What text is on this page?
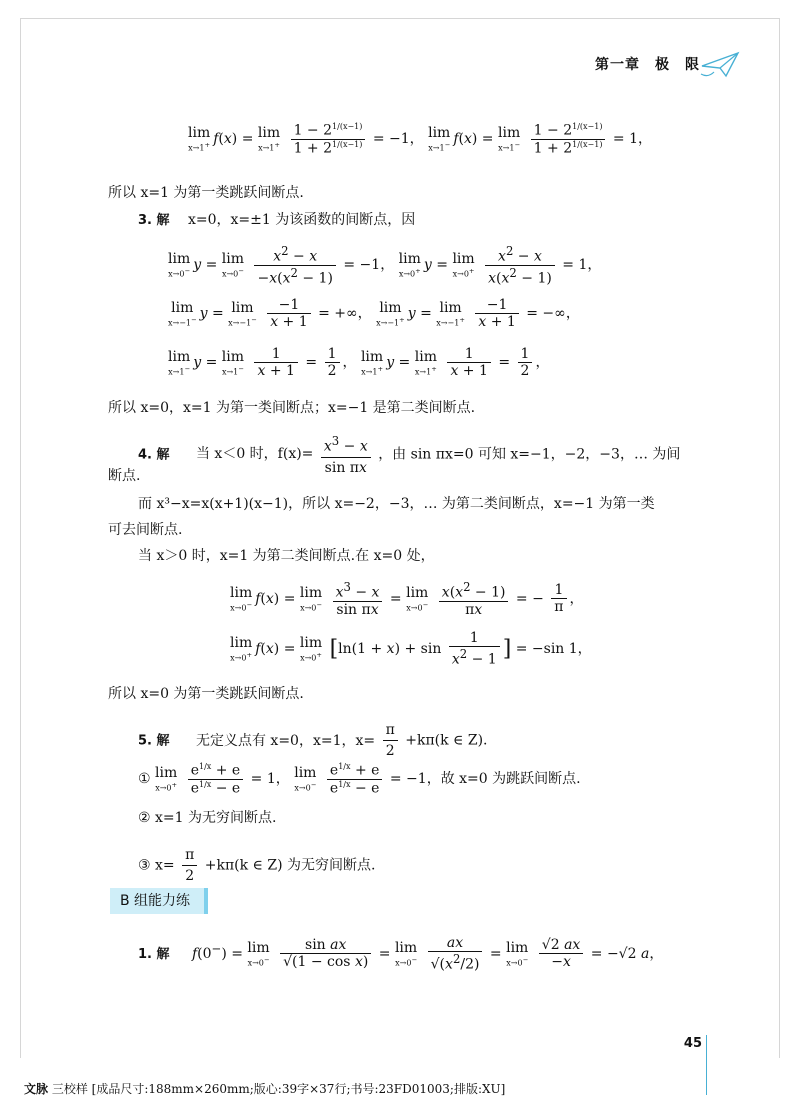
第一章　极　限
lim
x→1+ f(x) = lim
x→1+
$\frac{1 - 2^{1/(x-1)}}{1 + 2^{1/(x-1)}} = -1$， lim
x→1− f(x) = lim
x→1−
$\frac{1 - 2^{1/(x-1)}}{1 + 2^{1/(x-1)}} = 1$，
所以 x=1 为第一类跳跃间断点.
3. 解 x=0，x=±1 为该函数的间断点，因
lim
x→0− y = lim
x→0−
$\frac{x^2 - x}{-x(x^2 - 1)} = -1$， lim
x→0+ y = lim
x→0+
$\frac{x^2 - x}{x(x^2 - 1)} = 1$，
lim
x→−1− y = lim
x→−1−
$\frac{-1}{x + 1}$ = +∞， lim
x→−1+ y = lim
x→−1+
$\frac{-1}{x + 1}$ = −∞，
lim
x→1− y = lim
x→1−
$\frac{1}{x + 1} = \frac{1}{2}$ ， lim
x→1+ y = lim
x→1+
$\frac{1}{x + 1} = \frac{1}{2}$ ，
所以 x=0，x=1 为第一类间断点；x=−1 是第二类间断点.
4. 解 当 x＜0 时，$f(x)= \frac{x^3 - x}{\text{sin πx}}$ ，由 sin πx=0 可知 x=−1，−2，−3，… 为间
断点.
而 x³−x=x(x+1)(x−1)，所以 x=−2，−3，… 为第二类间断点，x=−1 为第一类
可去间断点.
当 x＞0 时，x=1 为第二类间断点.在 x=0 处，
lim
x→0− f(x) = lim
x→0−
$\frac{x^3 - x}{\text{sin πx}} = \lim$
x→0−
$\frac{x(x^2 - 1)}{\pi x}$ = − $\frac{1}{\pi}$ ，
lim
x→0+ f(x) = lim
x→0+ [$\ln(1 + x) + \sin \frac{1}{x^2 - 1}$ ] = −sin 1，
所以 x=0 为第一类跳跃间断点.
5. 解 无定义点有 x=0，x=1，$x= \frac{\pi}{2} +k\pi(k$ ∈ Z).
① lim
x→0+
$\frac{e^{1/x} + e}{e^{1/x} - e} = 1$， lim
x→0−
$\frac{e^{1/x} + e}{e^{1/x} - e} = -1$，故 x=0 为跳跃间断点.
② x=1 为无穷间断点.
③ $x= \frac{\pi}{2} +k\pi(k$ ∈ Z) 为无穷间断点.
B 组能力练
1. 解 f(0−) = lim
x→0−
$\frac{\text{sin ax}}{\text{√(1 − cos x)}} = \lim$
x→0−
$\frac{ax}{√(x^2/2)} = \lim$
x→0−
$\frac{√2 ax}{-x} = -√2$ a，
45
文脉 三校样 [成品尺寸:188mm×260mm;版心:39字×37行;书号:23FD01003;排版:XU]
